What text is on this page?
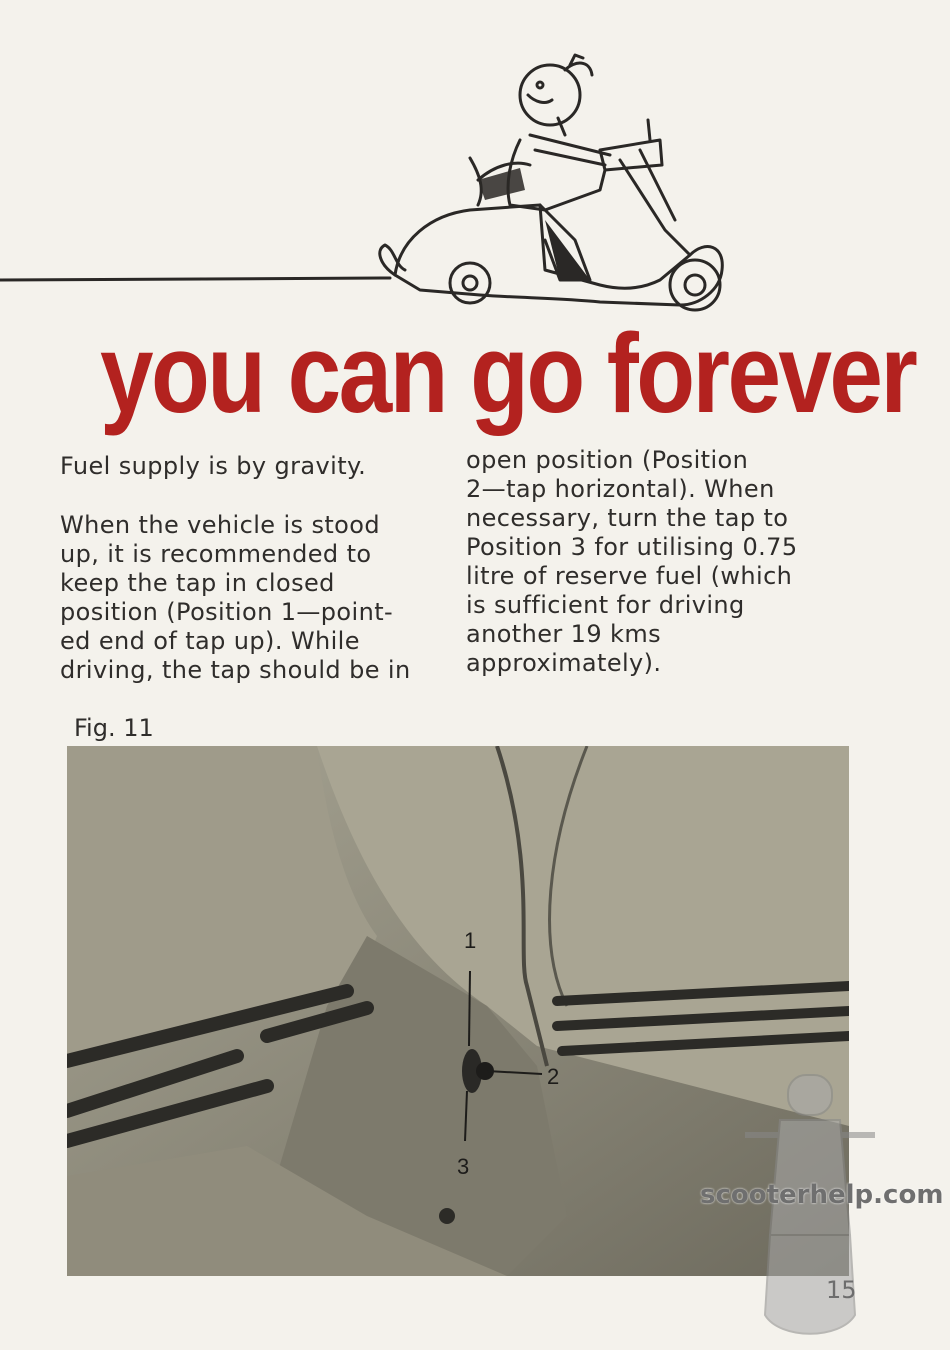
you can go forever

Fuel supply is by gravity.

When the vehicle is stood
up, it is recommended to
keep the tap in closed
position (Position 1—point-
ed end of tap up). While
driving, the tap should be in
open position (Position
2—tap horizontal). When
necessary, turn the tap to
Position 3 for utilising 0.75
litre of reserve fuel (which
is sufficient for driving
another 19 kms
approximately).
Fig. 11
1
2
3
scooterhelp.com
15
